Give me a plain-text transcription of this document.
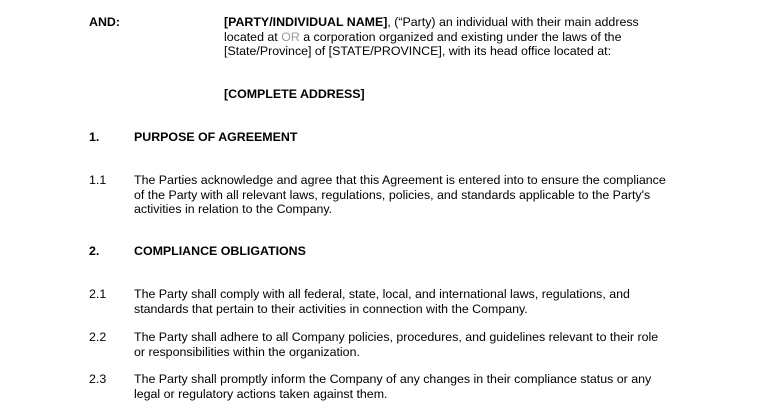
AND:	[PARTY/INDIVIDUAL NAME], (“Party) an individual with their main address
located at OR a corporation organized and existing under the laws of the
[State/Province] of [STATE/PROVINCE], with its head office located at:
[COMPLETE ADDRESS]
1.	PURPOSE OF AGREEMENT
1.1 The Parties acknowledge and agree that this Agreement is entered into to ensure the compliance
of the Party with all relevant laws, regulations, policies, and standards applicable to the Party's
activities in relation to the Company.
2.	COMPLIANCE OBLIGATIONS
2.1 The Party shall comply with all federal, state, local, and international laws, regulations, and
standards that pertain to their activities in connection with the Company.
2.2 The Party shall adhere to all Company policies, procedures, and guidelines relevant to their role
or responsibilities within the organization.
2.3 The Party shall promptly inform the Company of any changes in their compliance status or any
legal or regulatory actions taken against them.
